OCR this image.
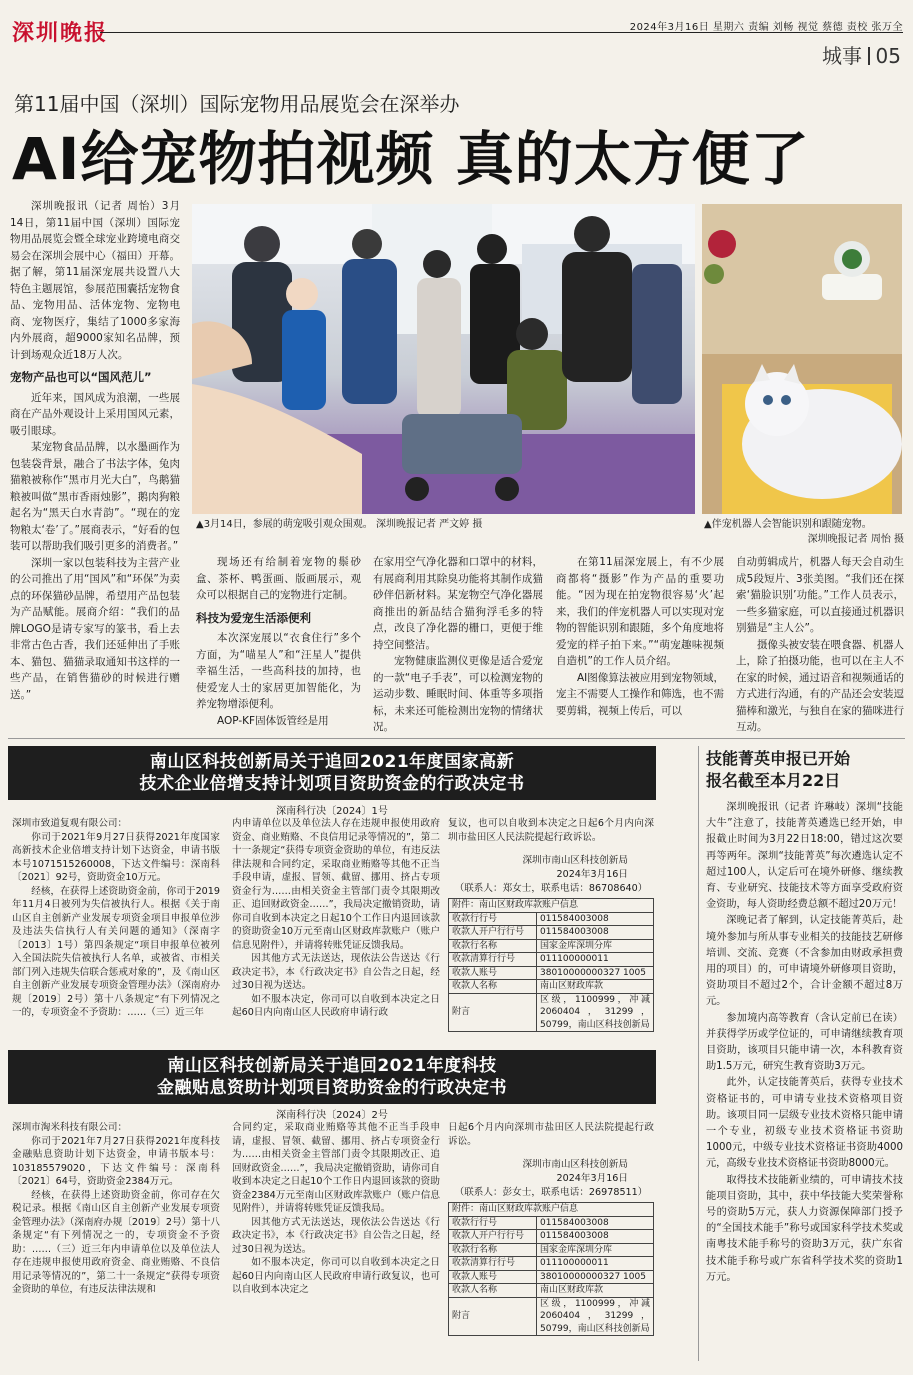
深圳晚报	2024年3月16日 星期六 责编 刘畅 视觉 蔡德 责校 张万全
城事 05
第11届中国（深圳）国际宠物用品展览会在深举办
AI给宠物拍视频 真的太方便了

深圳晚报讯（记者 周怡）3月14日，第11届中国（深圳）国际宠物用品展览会暨全球宠业跨境电商交易会在深圳会展中心（福田）开幕。据了解，第11届深宠展共设置八大特色主题展馆，参展范围囊括宠物食品、宠物用品、活体宠物、宠物电商、宠物医疗，集结了1000多家海内外展商，超9000家知名品牌，预计到场观众近18万人次。

宠物产品也可以“国风范儿”

近年来，国风成为浪潮，一些展商在产品外观设计上采用国风元素，吸引眼球。

某宠物食品品牌，以水墨画作为包装袋背景，融合了书法字体，兔肉猫粮被称作“黑市月光大白”，鸟鹅猫粮被叫做“黑市香雨烛影”，鹅肉狗粮起名为“黑天白水青韵”。“现在的宠物粮太‘卷’了。”展商表示，“好看的包装可以帮助我们吸引更多的消费者。”

深圳一家以包装科技为主营产业的公司推出了用“国风”和“环保”为卖点的环保猫砂品牌，希望用产品包装为产品赋能。展商介绍：“我们的品牌LOGO是请专家写的篆书，看上去非常古色古香，我们还延伸出了手账本、猫包、猫猫录取通知书这样的一些产品，在销售猫砂的时候进行赠送。”

▲3月14日，参展的萌宠吸引观众围观。 深圳晚报记者 严文婷 摄	▲伴宠机器人会智能识别和跟随宠物。
深圳晚报记者 周怡 摄

现场还有给制着宠物的鬃砂盒、茶杯、鸭蛋画、版画展示，观众可以根据自己的宠物进行定制。

科技为爱宠生活添便利

本次深宠展以“衣食住行”多个方面，为“喵星人”和“汪星人”提供幸福生活，一些高科技的加持，也使爱宠人士的家居更加智能化，为养宠物增添便利。

AOP-KF固体饭管经是用

在家用空气净化器和口罩中的材料，有展商利用其除臭功能将其制作成猫砂伴侣新材料。某宠物空气净化器展商推出的新品结合猫狗浮毛多的特点，改良了净化器的栅口，更便于维持空间整洁。

宠物健康监测仪更像是适合爱宠的一款“电子手表”，可以检测宠物的运动步数、睡眠时间、体重等多项指标，未来还可能检测出宠物的情绪状况。

在第11届深宠展上，有不少展商都将“摄影”作为产品的重要功能。“因为现在拍宠物很容易‘火’起来，我们的伴宠机器人可以实现对宠物的智能识别和跟随，多个角度地将爱宠的样子拍下来。”“萌宠趣味视频自造机”的工作人员介绍。

AI图像算法被应用到宠物领域，宠主不需要人工操作和筛选，也不需要剪辑，视频上传后，可以

自动剪辑成片，机器人每天会自动生成5段短片、3张美图。“我们还在探索‘猫脸识别’功能。”工作人员表示，一些多猫家庭，可以直接通过机器识别猫是“主人公”。

摄像头被安装在喂食器、机器人上，除了拍摄功能，也可以在主人不在家的时候，通过语音和视频通话的方式进行沟通，有的产品还会安装逗猫棒和激光，与独自在家的猫咪进行互动。

南山区科技创新局关于追回2021年度国家高新
技术企业倍增支持计划项目资助资金的行政决定书
深南科行决〔2024〕1号
深圳市致道复观有限公司：

你司于2021年9月27日获得2021年度国家高新技术企业倍增支持计划下达资金，申请书版本号1071515260008，下达文件编号：深南科〔2021〕92号，资助资金10万元。

经核，在获得上述资助资金前，你司于2019年11月4日被列为失信被执行人。根据《关于南山区自主创新产业发展专项资金项目申报单位涉及违法失信执行人有关问题的通知》（深南字〔2013〕1号）第四条规定“项目申报单位被列入全国法院失信被执行人名单，或被省、市相关部门列入违规失信联合惩戒对象的”，及《南山区自主创新产业发展专项资金管理办法》（深南府办规〔2019〕2号）第十八条规定“有下列情况之一的，专项资金不予资助：……（三）近三年

内申请单位以及单位法人存在违规申报使用政府资金、商业贿赂、不良信用记录等情况的”，第二十一条规定“获得专项资金资助的单位，有违反法律法规和合同约定，采取商业贿赂等其他不正当手段申请，虚报、冒领、截留、挪用、挤占专项资金行为……由相关资金主管部门责令其限期改正、追回财政资金……”，我局决定撤销资助，请你司自收到本决定之日起10个工作日内退回该款的资助资金10万元至南山区财政库款账户（账户信息见附件），并请将转账凭证反馈我局。

因其他方式无法送达，现依法公告送达《行政决定书》，本《行政决定书》自公告之日起，经过30日视为送达。

如不服本决定，你司可以自收到本决定之日起60日内向南山区人民政府申请行政

复议，也可以自收到本决定之日起6个月内向深圳市盐田区人民法院提起行政诉讼。

深圳市南山区科技创新局
2024年3月16日
（联系人：郑女士，联系电话：86708640）
附件：南山区财政库款账户信息
收款行行号	011584003008
收款人开户行行号	011584003008
收款行名称	国家金库深圳分库
收款清算行行号	011100000011
收款人账号	38010000000327 1005
收款人名称	南山区财政库款
附言	区级，1100999，冲减2060404，31299，50799，南山区科技创新局
南山区科技创新局关于追回2021年度科技
金融贴息资助计划项目资助资金的行政决定书
深南科行决〔2024〕2号
深圳市淘米科技有限公司：

你司于2021年7月27日获得2021年度科技金融贴息资助计划下达资金，申请书版本号：103185579020，下达文件编号：深南科〔2021〕64号，资助资金2384万元。

经核，在获得上述资助资金前，你司存在欠税记录。根据《南山区自主创新产业发展专项资金管理办法》（深南府办规〔2019〕2号）第十八条规定“有下列情况之一的，专项资金不予资助：……（三）近三年内申请单位以及单位法人存在违规申报使用政府资金、商业贿赂、不良信用记录等情况的”，第二十一条规定“获得专项资金资助的单位，有违反法律法规和

合同约定，采取商业贿赂等其他不正当手段申请，虚报、冒领、截留、挪用、挤占专项资金行为……由相关资金主管部门责令其限期改正、追回财政资金……”，我局决定撤销资助，请你司自收到本决定之日起10个工作日内退回该款的资助资金2384万元至南山区财政库款账户（账户信息见附件），并请将转账凭证反馈我局。

因其他方式无法送达，现依法公告送达《行政决定书》，本《行政决定书》自公告之日起，经过30日视为送达。

如不服本决定，你司可以自收到本决定之日起60日内向南山区人民政府申请行政复议，也可以自收到本决定之

日起6个月内向深圳市盐田区人民法院提起行政诉讼。

深圳市南山区科技创新局
2024年3月16日
（联系人：彭女士，联系电话：26978511）
附件：南山区财政库款账户信息
收款行行号	011584003008
收款人开户行行号	011584003008
收款行名称	国家金库深圳分库
收款清算行行号	011100000011
收款人账号	38010000000327 1005
收款人名称	南山区财政库款
附言	区级，1100999，冲减2060404，31299，50799，南山区科技创新局
技能菁英申报已开始
报名截至本月22日

深圳晚报讯（记者 许琳岐）深圳“技能大牛”注意了，技能菁英遴选已经开始，申报截止时间为3月22日18:00，错过这次要再等两年。深圳“技能菁英”每次遴选认定不超过100人，认定后可在境外研修、继续教育、专业研究、技能技术等方面享受政府资金资助，每人资助经费总额不超过20万元！

深晚记者了解到，认定技能菁英后，赴境外参加与所从事专业相关的技能技艺研修培训、交流、竞赛（不含参加由财政承担费用的项目）的，可申请境外研修项目资助，资助项目不超过2个，合计金额不超过8万元。

参加境内高等教育（含认定前已在读）并获得学历或学位证的，可申请继续教育项目资助，该项目只能申请一次，本科教育资助1.5万元，研究生教育资助3万元。

此外，认定技能菁英后，获得专业技术资格证书的，可申请专业技术资格项目资助。该项目同一层级专业技术资格只能申请一个专业，初级专业技术资格证书资助1000元，中级专业技术资格证书资助4000元，高级专业技术资格证书资助8000元。

取得技术技能新业绩的，可申请技术技能项目资助，其中，获中华技能大奖荣誉称号的资助5万元，获人力资源保障部门授予的“全国技术能手”称号或国家科学技术奖或南粤技术能手称号的资助3万元，获广东省技术能手称号或广东省科学技术奖的资助1万元。
